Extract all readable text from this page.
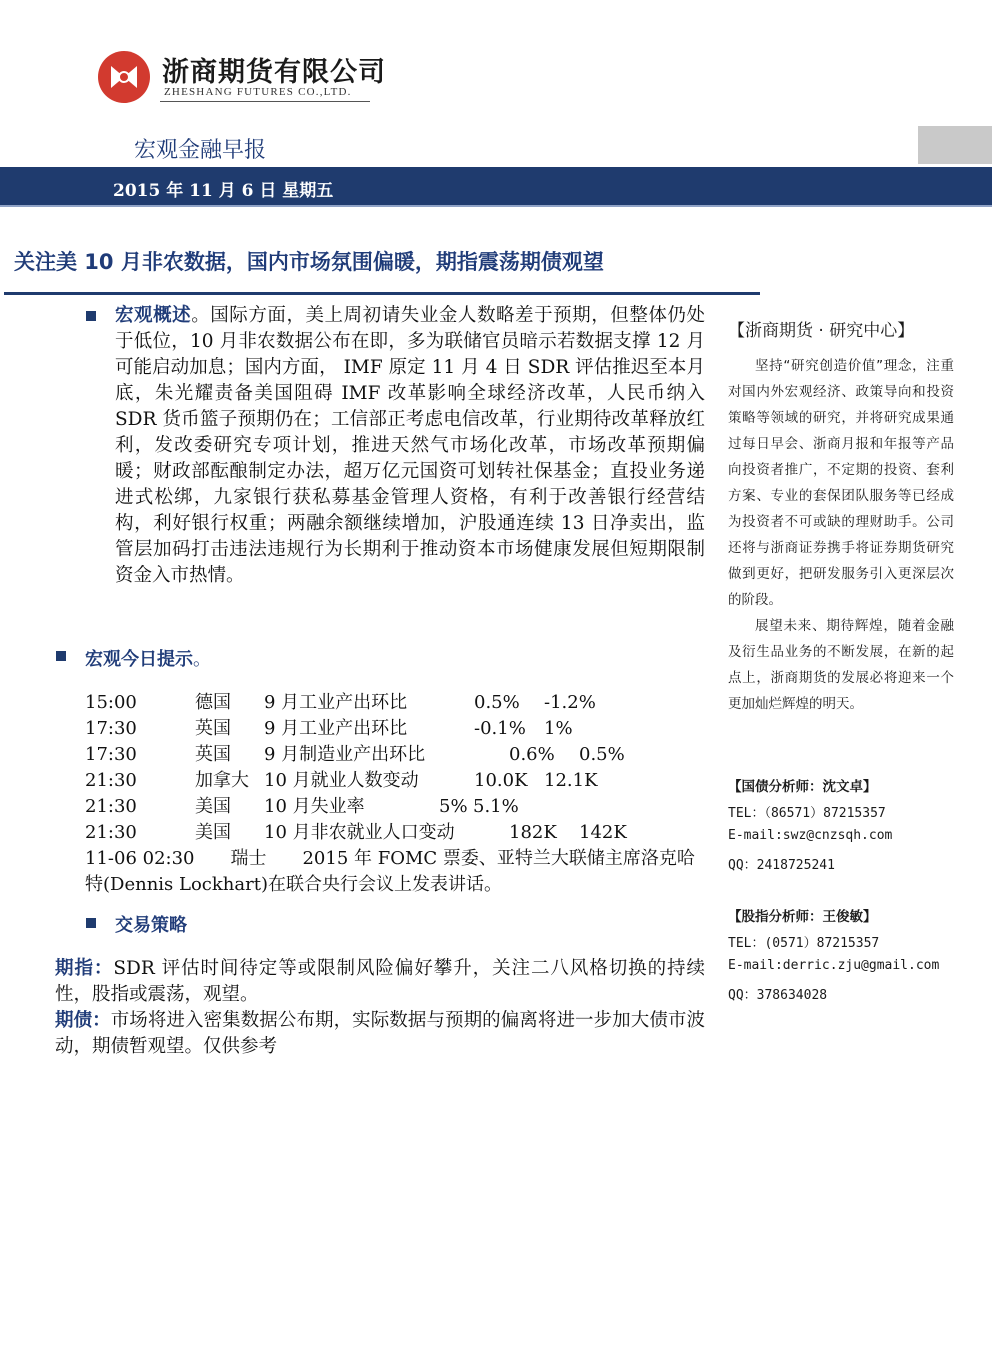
浙商期货有限公司
ZHESHANG FUTURES CO.,LTD.
宏观金融早报
2015 年 11 月 6 日 星期五
关注美 10 月非农数据，国内市场氛围偏暖，期指震荡期债观望
宏观概述。国际方面，美上周初请失业金人数略差于预期，但整体仍处于低位，10 月非农数据公布在即，多为联储官员暗示若数据支撑 12 月可能启动加息；国内方面， IMF 原定 11 月 4 日 SDR 评估推迟至本月底，朱光耀责备美国阻碍 IMF 改革影响全球经济改革，人民币纳入 SDR 货币篮子预期仍在；工信部正考虑电信改革，行业期待改革释放红利，发改委研究专项计划，推进天然气市场化改革，市场改革预期偏暖；财政部酝酿制定办法，超万亿元国资可划转社保基金；直投业务递进式松绑，九家银行获私募基金管理人资格，有利于改善银行经营结构，利好银行权重；两融余额继续增加，沪股通连续 13 日净卖出，监管层加码打击违法违规行为长期利于推动资本市场健康发展但短期限制资金入市热情。
宏观今日提示。
15:00	德国 9 月工业产出环比	0.5% -1.2%
17:30	英国 9 月工业产出环比	-0.1% 1%
17:30	英国 9 月制造业产出环比	0.6% 0.5%
21:30	加拿大 10 月就业人数变动	10.0K 12.1K
21:30	美国 10 月失业率	5% 5.1%
21:30	美国 10 月非农就业人口变动	182K 142K
11-06 02:30　　瑞士　　2015 年 FOMC 票委、亚特兰大联储主席洛克哈特(Dennis Lockhart)在联合央行会议上发表讲话。
交易策略
期指：SDR 评估时间待定等或限制风险偏好攀升，关注二八风格切换的持续性，股指或震荡，观望。
期债：市场将进入密集数据公布期，实际数据与预期的偏离将进一步加大债市波动，期债暂观望。仅供参考
【浙商期货 · 研究中心】
坚持“研究创造价值”理念，注重对国内外宏观经济、政策导向和投资策略等领域的研究，并将研究成果通过每日早会、浙商月报和年报等产品向投资者推广，不定期的投资、套利方案、专业的套保团队服务等已经成为投资者不可或缺的理财助手。公司还将与浙商证券携手将证券期货研究做到更好，把研发服务引入更深层次的阶段。
展望未来、期待辉煌，随着金融及衍生品业务的不断发展，在新的起点上，浙商期货的发展必将迎来一个更加灿烂辉煌的明天。
【国债分析师：沈文卓】
TEL：（86571）87215357
E-mail:swz@cnzsqh.com
QQ：2418725241
【股指分析师：王俊敏】
TEL：(0571）87215357
E-mail:derric.zju@gmail.com
QQ：378634028
